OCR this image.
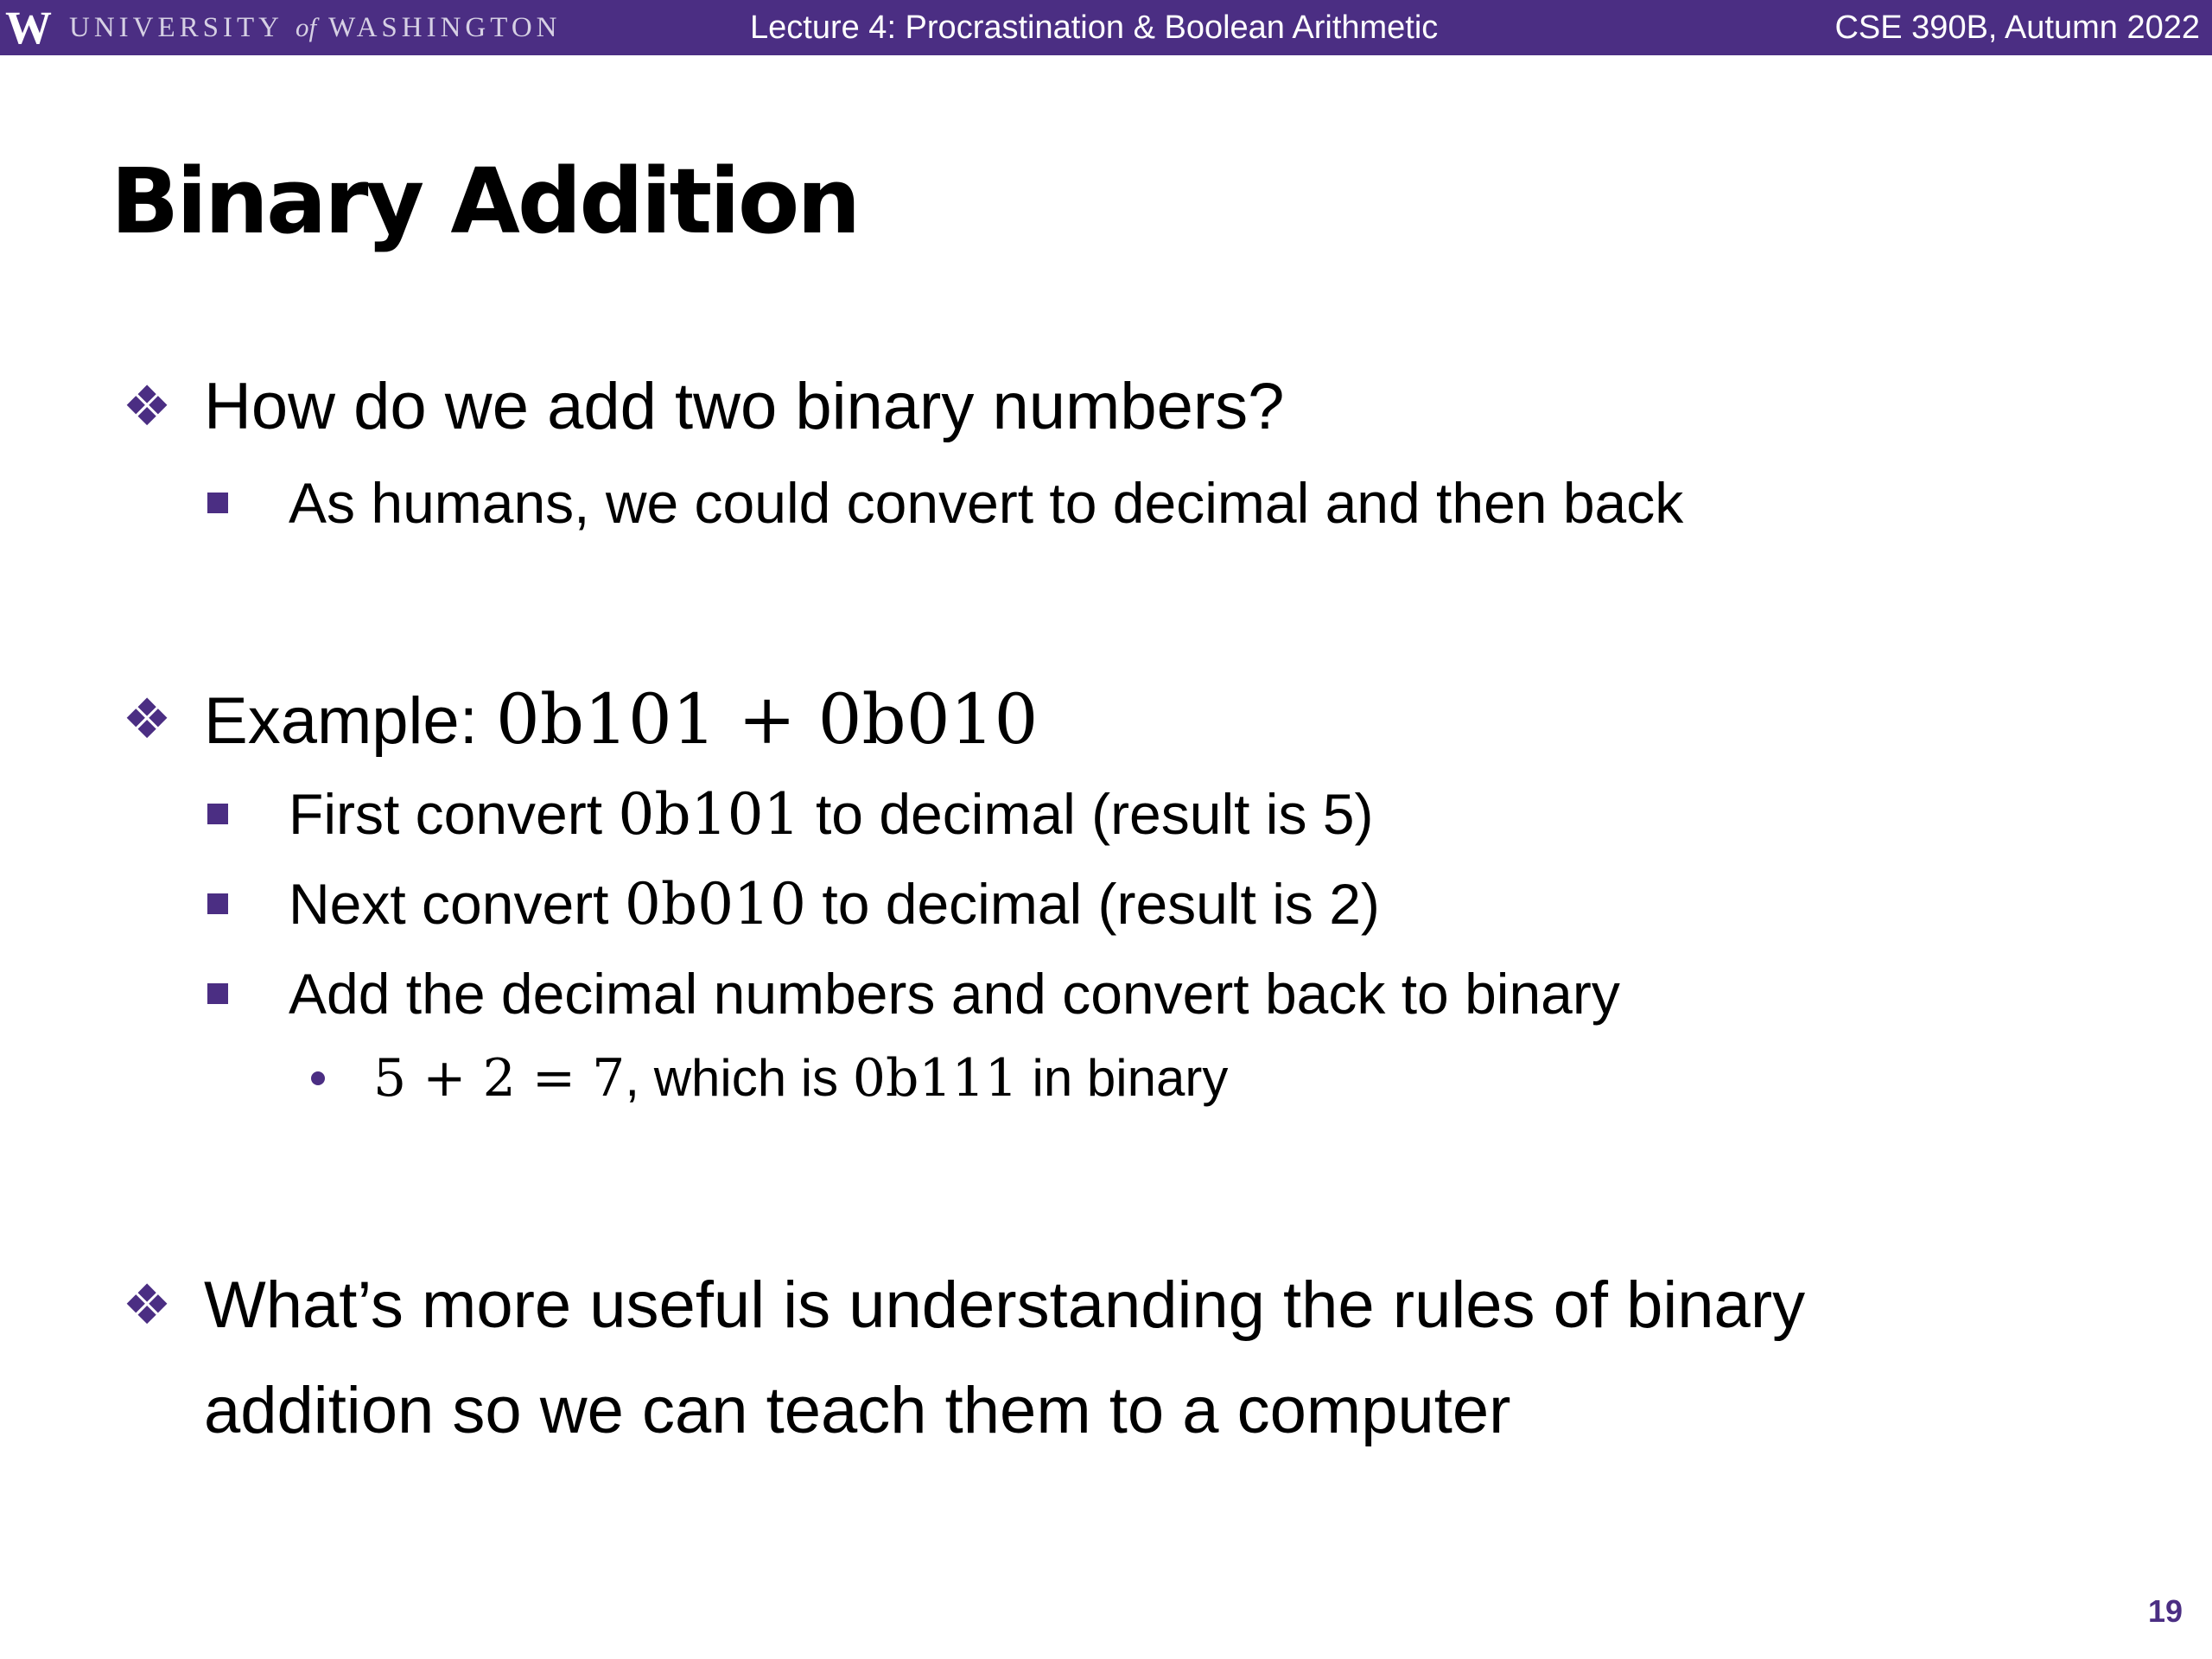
W UNIVERSITY of WASHINGTON	Lecture 4: Procrastination & Boolean Arithmetic	CSE 390B, Autumn 2022
Binary Addition
❖ How do we add two binary numbers?
As humans, we could convert to decimal and then back
❖ Example: 0b101 + 0b010
First convert 0b101 to decimal (result is 5)
Next convert 0b010 to decimal (result is 2)
Add the decimal numbers and convert back to binary
5 + 2 = 7, which is 0b111 in binary
❖ What’s more useful is understanding the rules of binary
addition so we can teach them to a computer
19
